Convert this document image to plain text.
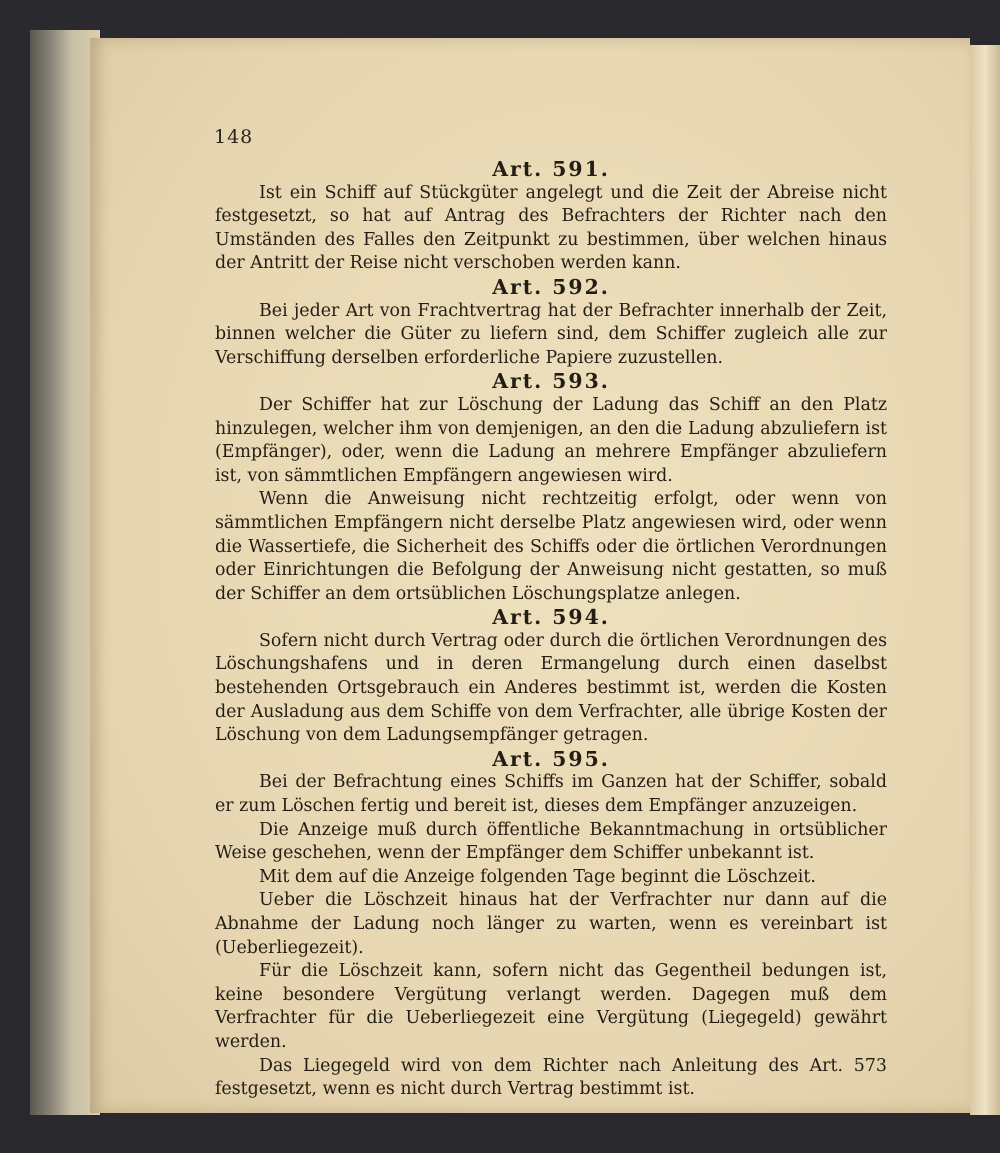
148
Art. 591.

Ist ein Schiff auf Stückgüter angelegt und die Zeit der Abreise nicht festgesetzt, so hat auf Antrag des Befrachters der Richter nach den Umständen des Falles den Zeitpunkt zu bestimmen, über welchen hinaus der Antritt der Reise nicht verschoben werden kann.

Art. 592.

Bei jeder Art von Frachtvertrag hat der Befrachter innerhalb der Zeit, binnen welcher die Güter zu liefern sind, dem Schiffer zugleich alle zur Verschiffung derselben erforderliche Papiere zuzustellen.

Art. 593.

Der Schiffer hat zur Löschung der Ladung das Schiff an den Platz hinzulegen, welcher ihm von demjenigen, an den die Ladung abzuliefern ist (Empfänger), oder, wenn die Ladung an mehrere Empfänger abzuliefern ist, von sämmtlichen Empfängern angewiesen wird.

Wenn die Anweisung nicht rechtzeitig erfolgt, oder wenn von sämmtlichen Empfängern nicht derselbe Platz angewiesen wird, oder wenn die Wassertiefe, die Sicherheit des Schiffs oder die örtlichen Verordnungen oder Einrichtungen die Befolgung der Anweisung nicht gestatten, so muß der Schiffer an dem ortsüblichen Löschungsplatze anlegen.

Art. 594.

Sofern nicht durch Vertrag oder durch die örtlichen Verordnungen des Löschungshafens und in deren Ermangelung durch einen daselbst bestehenden Ortsgebrauch ein Anderes bestimmt ist, werden die Kosten der Ausladung aus dem Schiffe von dem Verfrachter, alle übrige Kosten der Löschung von dem Ladungsempfänger getragen.

Art. 595.

Bei der Befrachtung eines Schiffs im Ganzen hat der Schiffer, sobald er zum Löschen fertig und bereit ist, dieses dem Empfänger anzuzeigen.

Die Anzeige muß durch öffentliche Bekanntmachung in ortsüblicher Weise geschehen, wenn der Empfänger dem Schiffer unbekannt ist.

Mit dem auf die Anzeige folgenden Tage beginnt die Löschzeit.

Ueber die Löschzeit hinaus hat der Verfrachter nur dann auf die Abnahme der Ladung noch länger zu warten, wenn es vereinbart ist (Ueberliegezeit).

Für die Löschzeit kann, sofern nicht das Gegentheil bedungen ist, keine besondere Vergütung verlangt werden. Dagegen muß dem Verfrachter für die Ueberliegezeit eine Vergütung (Liegegeld) gewährt werden.

Das Liegegeld wird von dem Richter nach Anleitung des Art. 573 festgesetzt, wenn es nicht durch Vertrag bestimmt ist.
